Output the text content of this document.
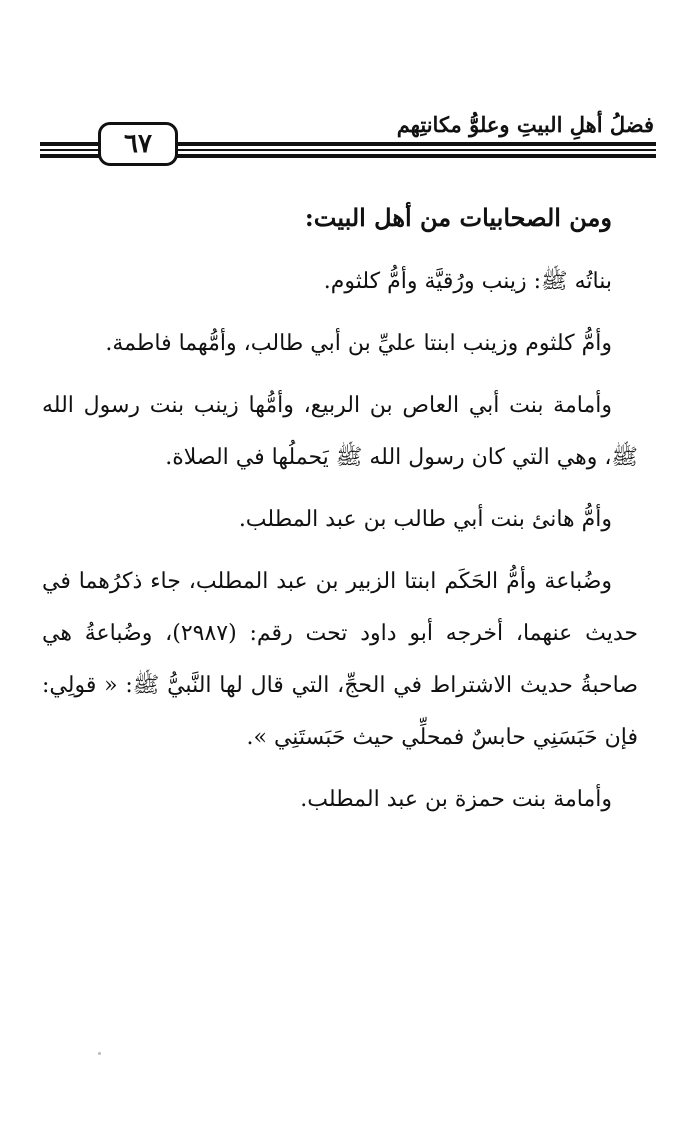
فضلُ أهلِ البيتِ وعلوُّ مكانتِهم
٦٧
ومن الصحابيات من أهل البيت:

بناتُه ﷺ: زينب ورُقيَّة وأمُّ كلثوم.

وأمُّ كلثوم وزينب ابنتا عليِّ بن أبي طالب، وأمُّهما فاطمة.

وأمامة بنت أبي العاص بن الربيع، وأمُّها زينب بنت رسول الله ﷺ، وهي التي كان رسول الله ﷺ يَحملُها في الصلاة.

وأمُّ هانئ بنت أبي طالب بن عبد المطلب.

وضُباعة وأمُّ الحَكَم ابنتا الزبير بن عبد المطلب، جاء ذكرُهما في حديث عنهما، أخرجه أبو داود تحت رقم: (٢٩٨٧)، وضُباعةُ هي صاحبةُ حديث الاشتراط في الحجِّ، التي قال لها النَّبيُّ ﷺ: « قولِي: فإن حَبَسَنِي حابسٌ فمحلِّي حيث حَبَستَنِي ».

وأمامة بنت حمزة بن عبد المطلب.
